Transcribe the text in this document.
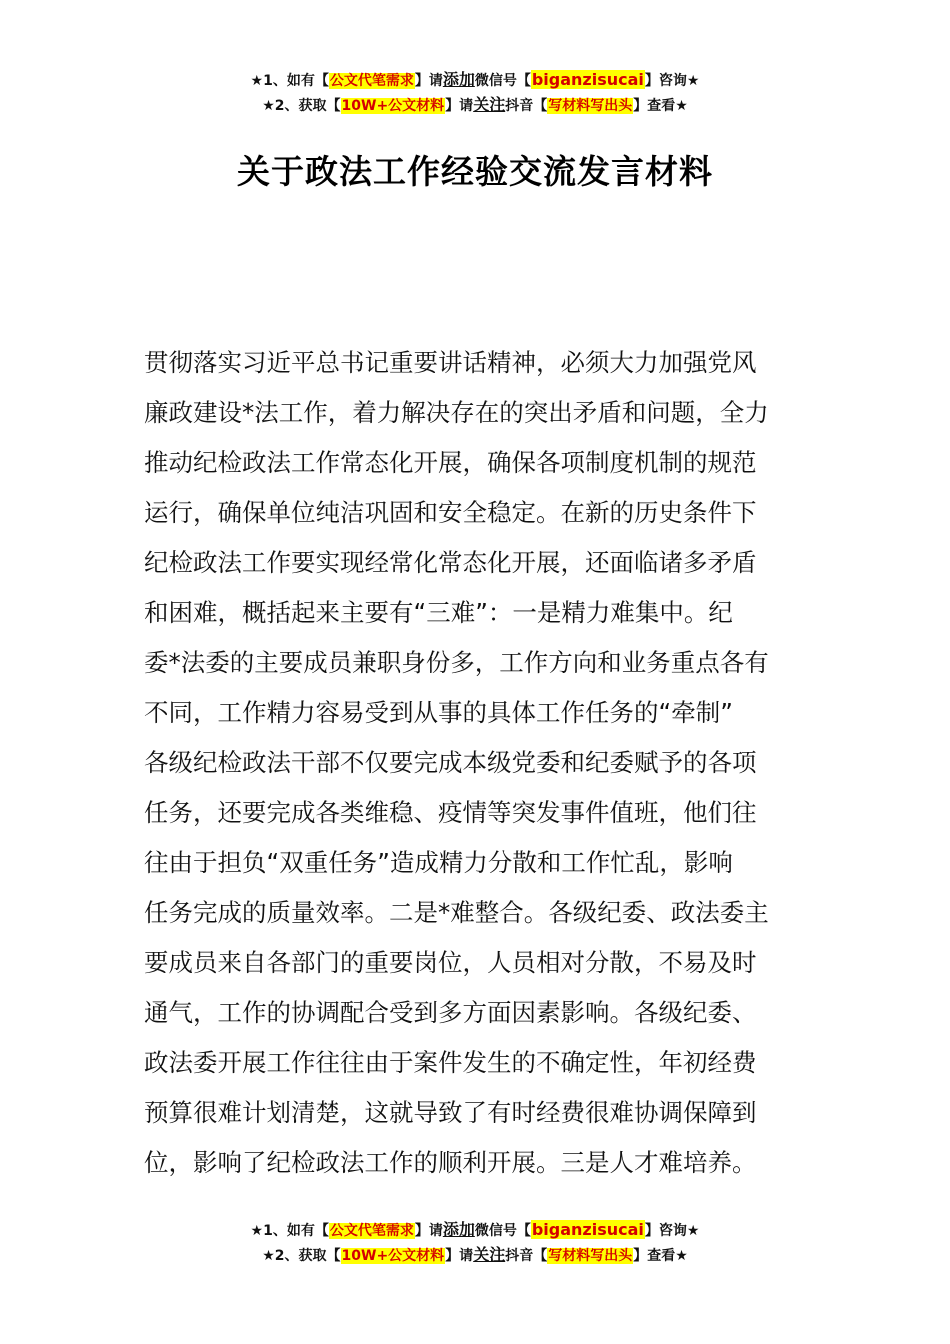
★1、如有【公文代笔需求】请添加微信号【biganzisucai】咨询★
★2、获取【10W+公文材料】请关注抖音【写材料写出头】查看★
关于政法工作经验交流发言材料
贯彻落实习近平总书记重要讲话精神，必须大力加强党风
廉政建设*法工作，着力解决存在的突出矛盾和问题，全力
推动纪检政法工作常态化开展，确保各项制度机制的规范
运行，确保单位纯洁巩固和安全稳定。在新的历史条件下
纪检政法工作要实现经常化常态化开展，还面临诸多矛盾
和困难，概括起来主要有“三难”：一是精力难集中。纪
委*法委的主要成员兼职身份多，工作方向和业务重点各有
不同，工作精力容易受到从事的具体工作任务的“牵制”
各级纪检政法干部不仅要完成本级党委和纪委赋予的各项
任务，还要完成各类维稳、疫情等突发事件值班，他们往
往由于担负“双重任务”造成精力分散和工作忙乱，影响
任务完成的质量效率。二是*难整合。各级纪委、政法委主
要成员来自各部门的重要岗位，人员相对分散，不易及时
通气，工作的协调配合受到多方面因素影响。各级纪委、
政法委开展工作往往由于案件发生的不确定性，年初经费
预算很难计划清楚，这就导致了有时经费很难协调保障到
位，影响了纪检政法工作的顺利开展。三是人才难培养。
★1、如有【公文代笔需求】请添加微信号【biganzisucai】咨询★
★2、获取【10W+公文材料】请关注抖音【写材料写出头】查看★
